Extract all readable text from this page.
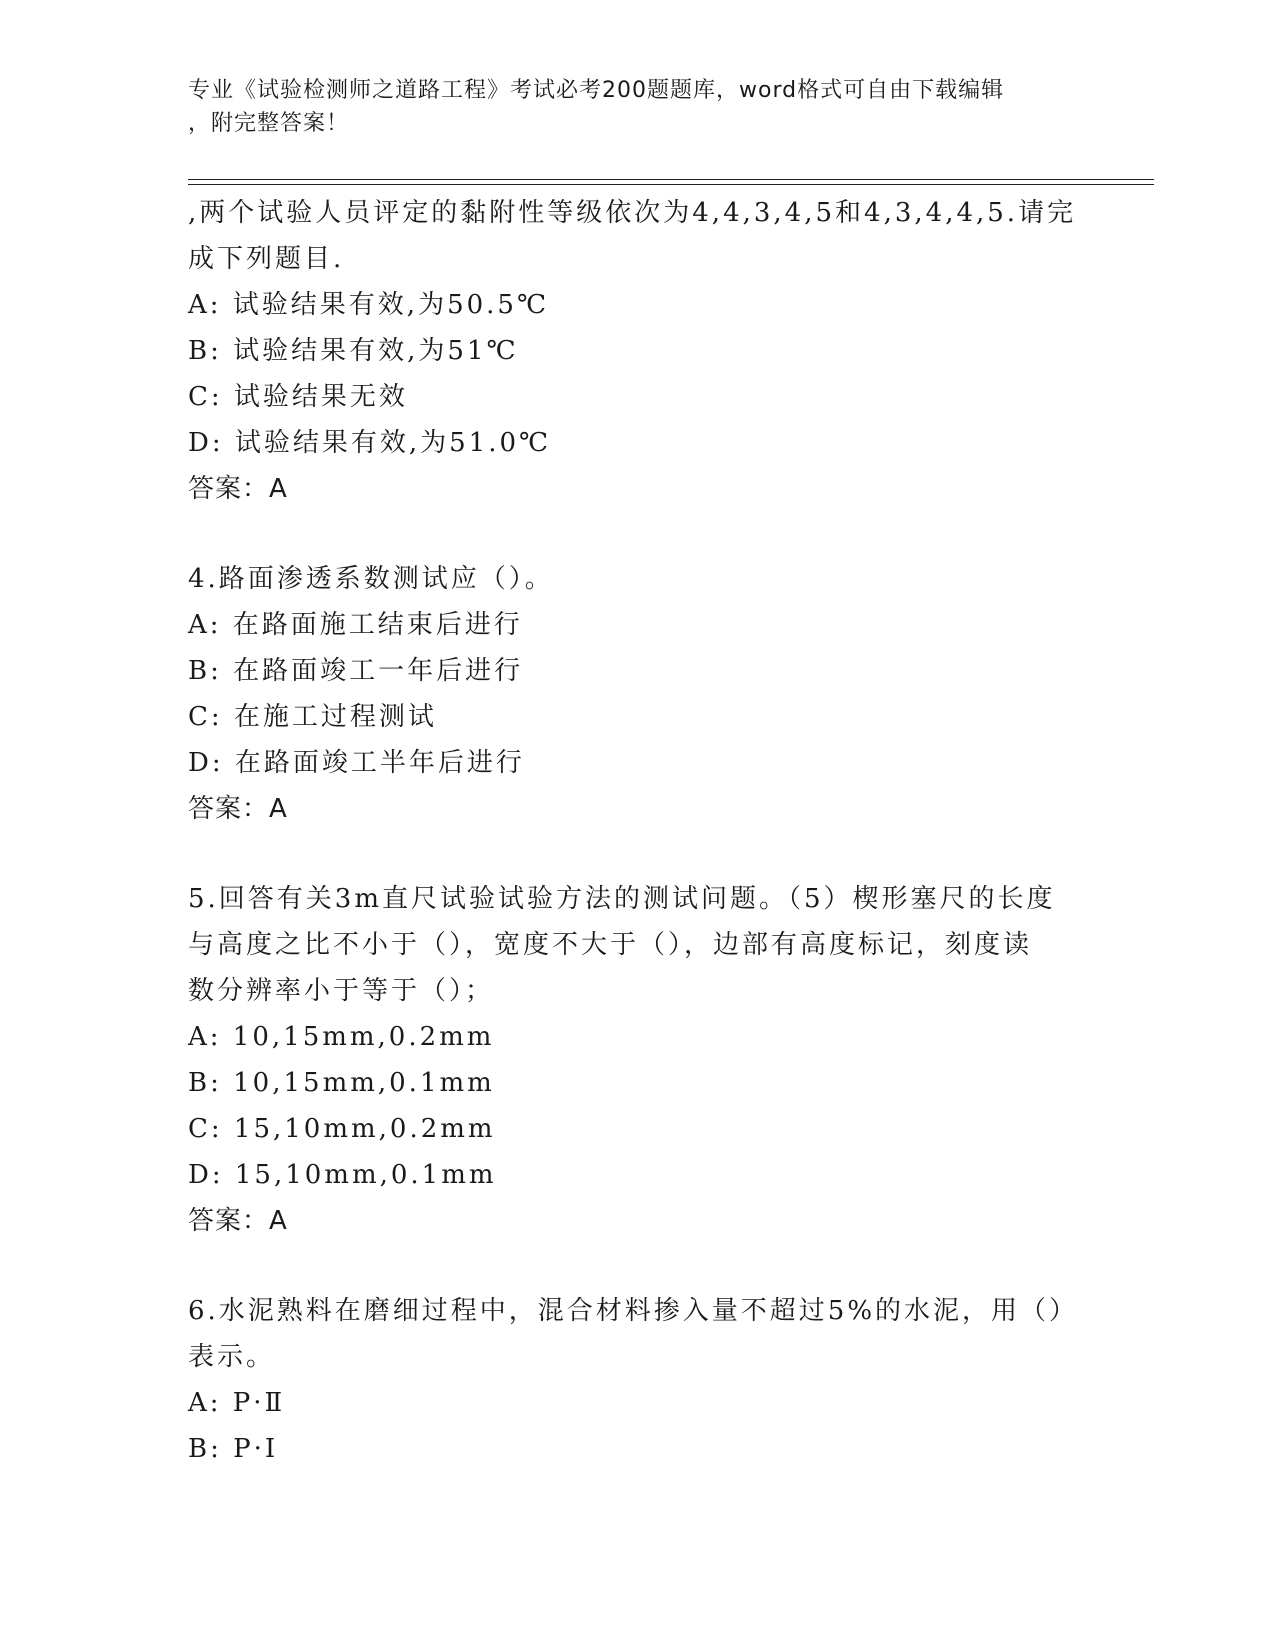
专业《试验检测师之道路工程》考试必考200题题库，word格式可自由下载编辑
，附完整答案！
,两个试验人员评定的黏附性等级依次为4,4,3,4,5和4,3,4,4,5.请完
成下列题目.
A: 试验结果有效,为50.5℃
B: 试验结果有效,为51℃
C: 试验结果无效
D: 试验结果有效,为51.0℃
答案：A
4.路面渗透系数测试应（）。
A: 在路面施工结束后进行
B: 在路面竣工一年后进行
C: 在施工过程测试
D: 在路面竣工半年后进行
答案：A
5.回答有关3m直尺试验试验方法的测试问题。（5）楔形塞尺的长度
与高度之比不小于（），宽度不大于（），边部有高度标记，刻度读
数分辨率小于等于（）；
A: 10,15mm,0.2mm
B: 10,15mm,0.1mm
C: 15,10mm,0.2mm
D: 15,10mm,0.1mm
答案：A
6.水泥熟料在磨细过程中，混合材料掺入量不超过5%的水泥，用（）
表示。
A: P·Ⅱ
B: P·Ⅰ
